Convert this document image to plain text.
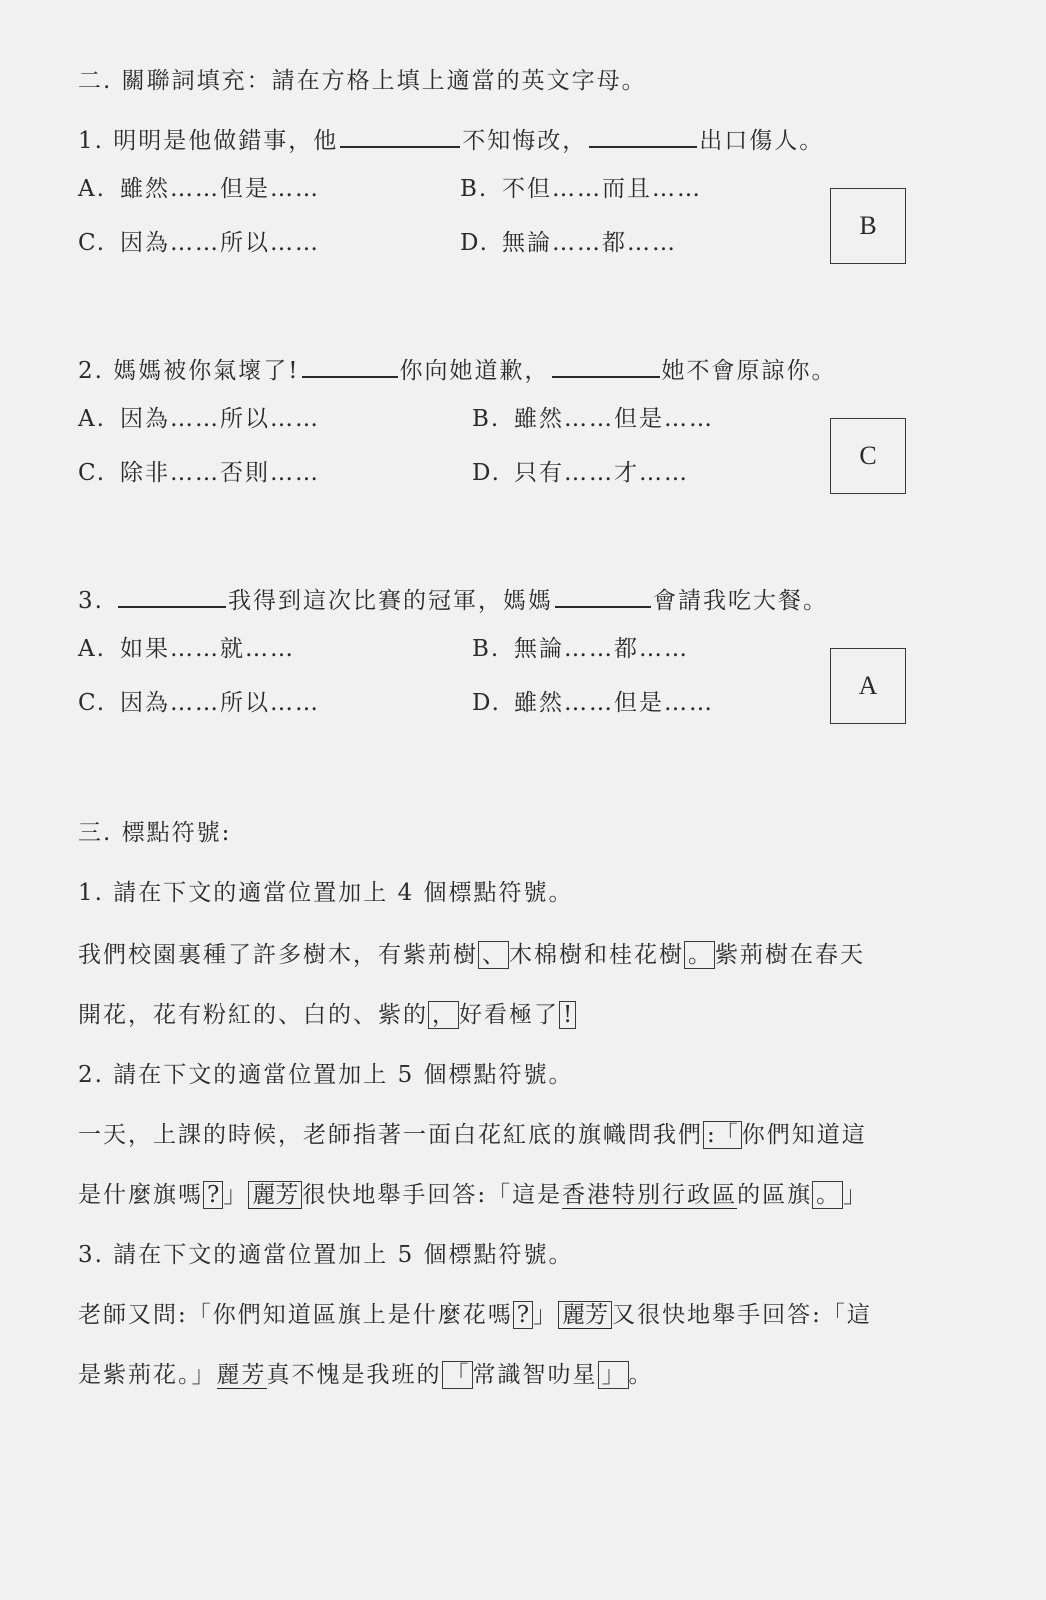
二. 關聯詞填充：請在方格上填上適當的英文字母。
1. 明明是他做錯事，他	不知悔改，	出口傷人。
A. 雖然……但是……	B. 不但……而且……
C. 因為……所以……	D. 無論……都……
B
2. 媽媽被你氣壞了!	你向她道歉，	她不會原諒你。
A. 因為……所以……	B. 雖然……但是……
C. 除非……否則……	D. 只有……才……
C
3.	我得到這次比賽的冠軍，媽媽	會請我吃大餐。
A. 如果……就……	B. 無論……都……
C. 因為……所以……	D. 雖然……但是……
A
三. 標點符號:
1. 請在下文的適當位置加上 4 個標點符號。
我們校園裏種了許多樹木，有紫荊樹 、 木棉樹和桂花樹 。 紫荊樹在春天
開花，花有粉紅的、白的、紫的 ， 好看極了 !
2. 請在下文的適當位置加上 5 個標點符號。
一天，上課的時候，老師指著一面白花紅底的旗幟問我們 :「 你們知道這
是什麼旗嗎 ? 」 麗芳 很快地舉手回答:「這是香港特別行政區的區旗 。 」
3. 請在下文的適當位置加上 5 個標點符號。
老師又問:「你們知道區旗上是什麼花嗎 ? 」 麗芳 又很快地舉手回答:「這
是紫荊花。」麗芳真不愧是我班的 「 常識智叻星 」 。
